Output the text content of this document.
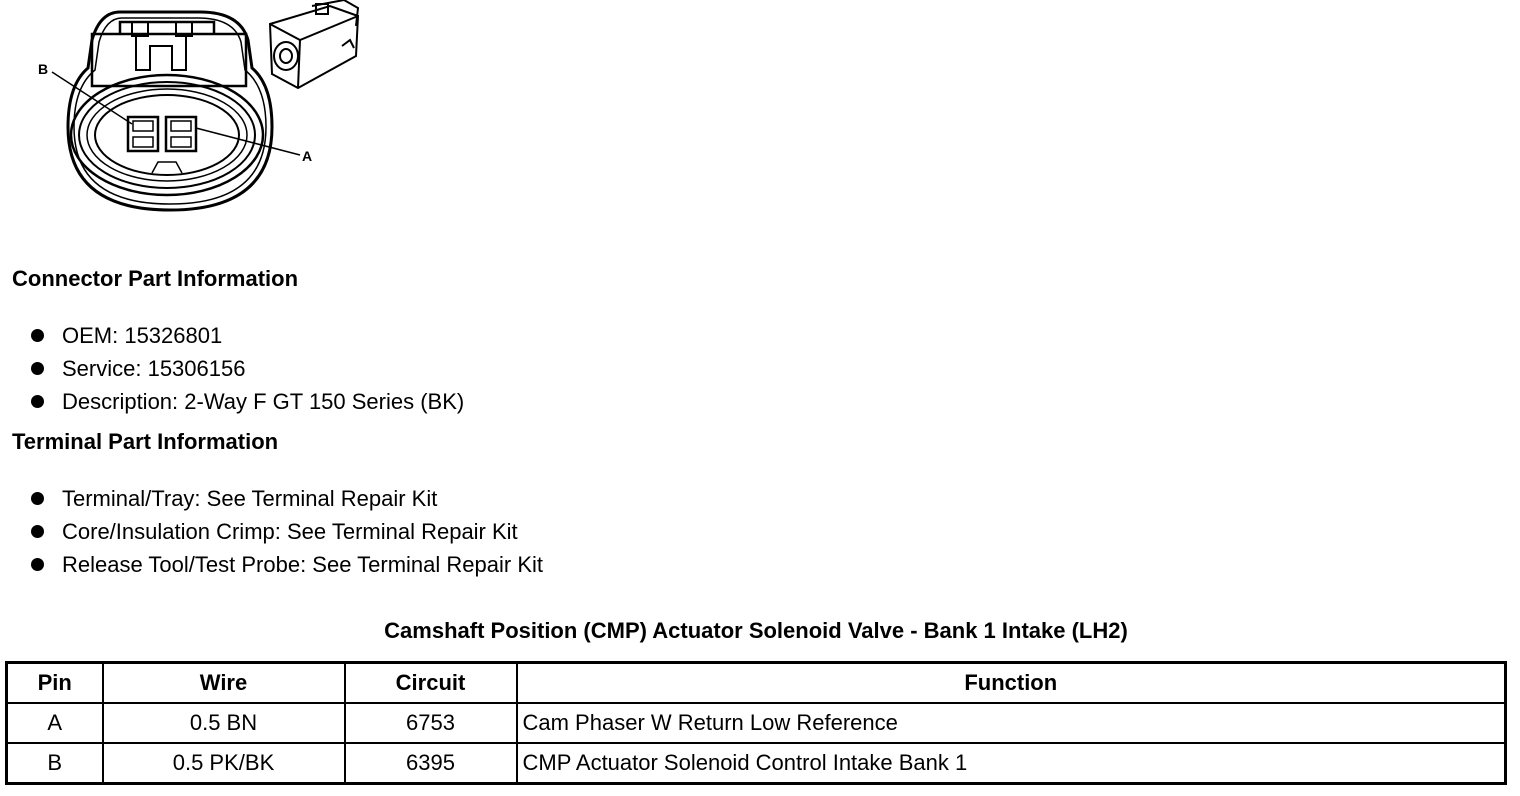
B
A
Connector Part Information
OEM: 15326801
Service: 15306156
Description: 2-Way F GT 150 Series (BK)
Terminal Part Information
Terminal/Tray: See Terminal Repair Kit
Core/Insulation Crimp: See Terminal Repair Kit
Release Tool/Test Probe: See Terminal Repair Kit
Camshaft Position (CMP) Actuator Solenoid Valve - Bank 1 Intake (LH2)
Pin	Wire	Circuit	Function
A	0.5 BN	6753	Cam Phaser W Return Low Reference
B	0.5 PK/BK	6395	CMP Actuator Solenoid Control Intake Bank 1
